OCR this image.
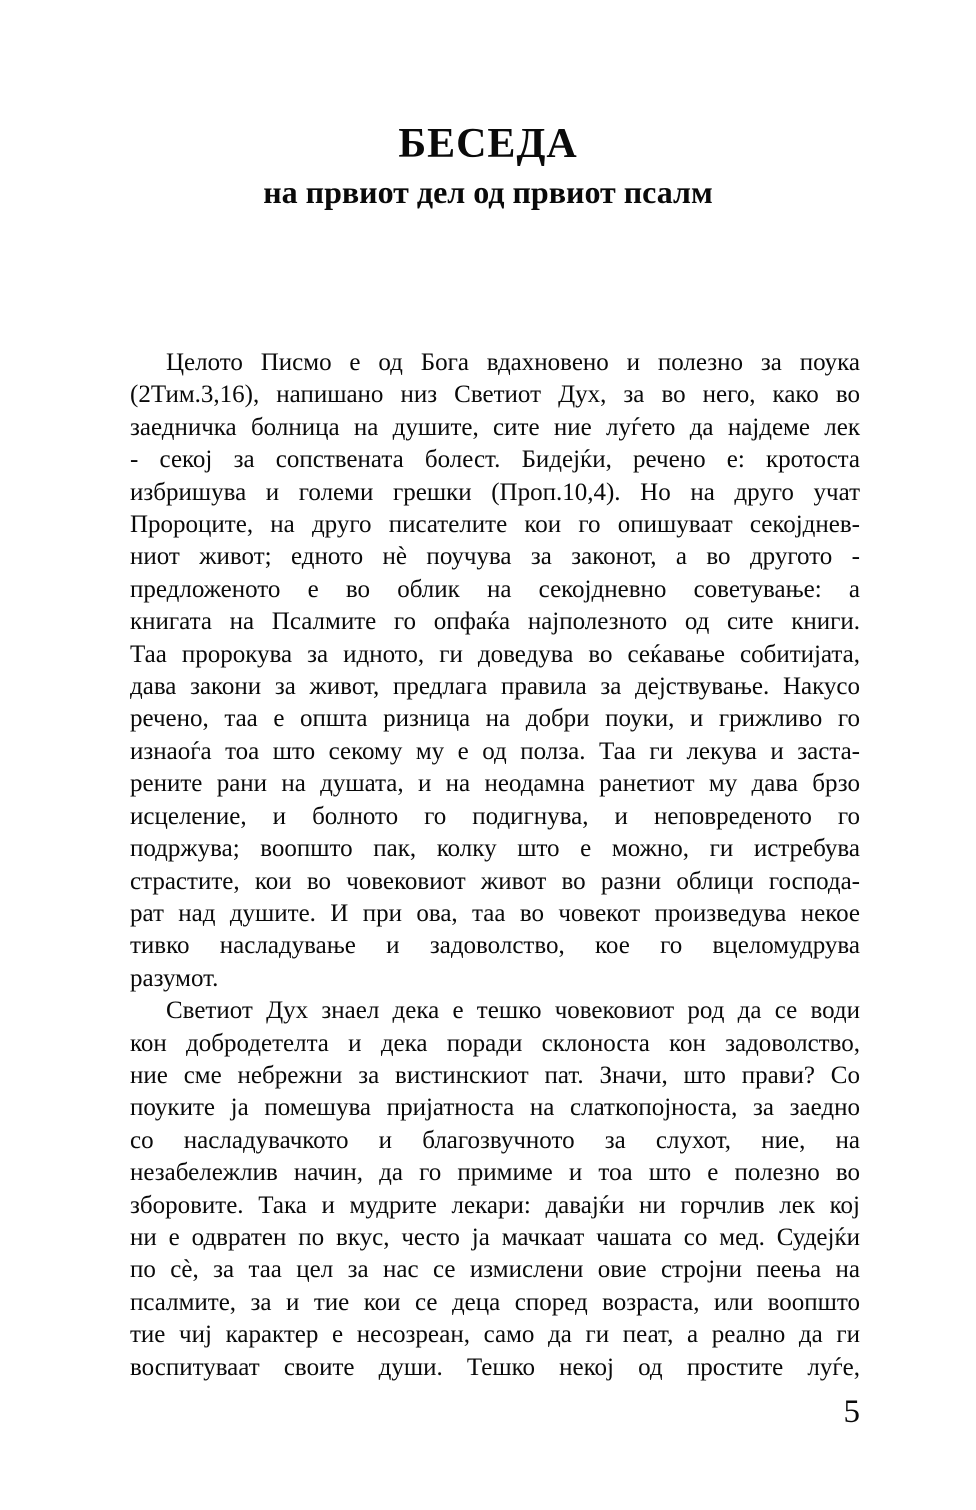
БЕСЕДА
на првиот дел од првиот псалм
Целото Писмо е од Бога вдахновено и полезно за поука
(2Тим.3,16), напишано низ Светиот Дух, за во него, како во
заедничка болница на душите, сите ние луѓето да најдеме лек
- секој за сопствената болест. Бидејќи, речено е: кротоста
избришува и големи грешки (Проп.10,4). Но на друго учат
Пророците, на друго писателите кои го опишуваат секојднев-
ниот живот; едното нè поучува за законот, а во другото -
предложеното е во облик на секојдневно советување: а
книгата на Псалмите го опфаќа најполезното од сите книги.
Таа пророкува за идното, ги доведува во сеќавање собитијата,
дава закони за живот, предлага правила за дејствување. Накусо
речено, таа е општа ризница на добри поуки, и грижливо го
изнаоѓа тоа што секому му е од полза. Таа ги лекува и заста-
рените рани на душата, и на неодамна ранетиот му дава брзо
исцеление, и болното го подигнува, и неповреденото го
подржува; воопшто пак, колку што е можно, ги истребува
страстите, кои во човековиот живот во разни облици господа-
рат над душите. И при ова, таа во човекот произведува некое
тивко насладување и задоволство, кое го вцеломудрува
разумот.
Светиот Дух знаел дека е тешко човековиот род да се води
кон добродетелта и дека поради склоноста кон задоволство,
ние сме небрежни за вистинскиот пат. Значи, што прави? Со
поуките ја помешува пријатноста на слаткопојноста, за заедно
со насладувачкото и благозвучното за слухот, ние, на
незабележлив начин, да го примиме и тоа што е полезно во
зборовите. Така и мудрите лекари: давајќи ни горчлив лек кој
ни е одвратен по вкус, често ја мачкаат чашата со мед. Судејќи
по сè, за таа цел за нас се измислени овие стројни пеења на
псалмите, за и тие кои се деца според возраста, или воопшто
тие чиј карактер е несозреан, само да ги пеат, а реално да ги
воспитуваат своите души. Тешко некој од простите луѓе,
5
